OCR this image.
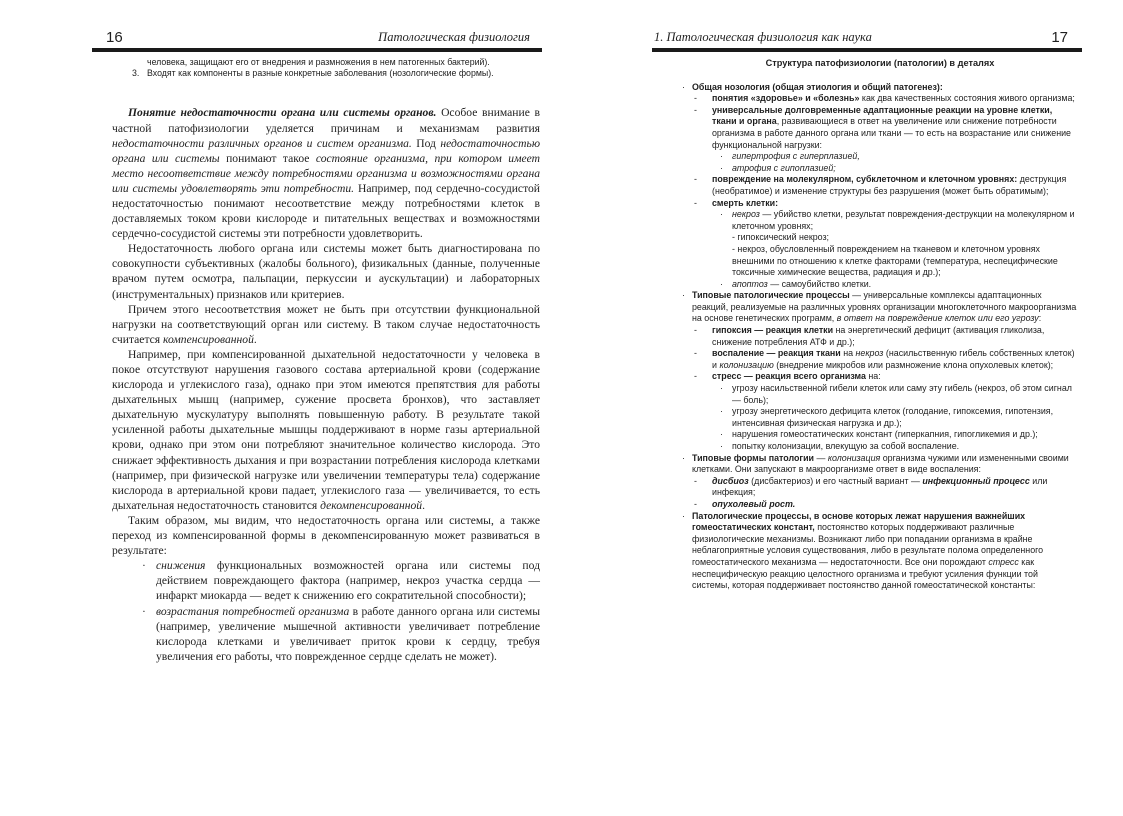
16	Патологическая физиология
человека, защищают его от внедрения и размножения в нем патогенных бактерий).
3. Входят как компоненты в разные конкретные заболевания (нозологические формы).

Понятие недостаточности органа или системы органов. Особое внимание в частной патофизиологии уделяется причинам и механизмам развития недостаточности различных органов и систем организма. Под недостаточностью органа или системы понимают такое состояние организма, при котором имеет место несоответствие между потребностями организма и возможностями органа или системы удовлетворять эти потребности. Например, под сердечно-сосудистой недостаточностью понимают несоответствие между потребностями клеток в доставляемых током крови кислороде и питательных веществах и возможностями сердечно-сосудистой системы эти потребности удовлетворить.

Недостаточность любого органа или системы может быть диагностирована по совокупности субъективных (жалобы больного), физикальных (данные, полученные врачом путем осмотра, пальпации, перкуссии и аускультации) и лабораторных (инструментальных) признаков или критериев.

Причем этого несоответствия может не быть при отсутствии функциональной нагрузки на соответствующий орган или систему. В таком случае недостаточность считается компенсированной.

Например, при компенсированной дыхательной недостаточности у человека в покое отсутствуют нарушения газового состава артериальной крови (содержание кислорода и углекислого газа), однако при этом имеются препятствия для работы дыхательных мышц (например, сужение просвета бронхов), что заставляет дыхательную мускулатуру выполнять повышенную работу. В результате такой усиленной работы дыхательные мышцы поддерживают в норме газы артериальной крови, однако при этом они потребляют значительное количество кислорода. Это снижает эффективность дыхания и при возрастании потребления кислорода клетками (например, при физической нагрузке или увеличении температуры тела) содержание кислорода в артериальной крови падает, углекислого газа — увеличивается, то есть дыхательная недостаточность становится декомпенсированной.

Таким образом, мы видим, что недостаточность органа или системы, а также переход из компенсированной формы в декомпенсированную может развиваться в результате:

· снижения функциональных возможностей органа или системы под действием повреждающего фактора (например, некроз участка сердца — инфаркт миокарда — ведет к снижению его сократительной способности);
· возрастания потребностей организма в работе данного органа или системы (например, увеличение мышечной активности увеличивает потребление кислорода клетками и увеличивает приток крови к сердцу, требуя увеличения его работы, что поврежденное сердце сделать не может).
1. Патологическая физиология как наука	17
Структура патофизиологии (патологии) в деталях
· Общая нозология (общая этиология и общий патогенез):
- понятия «здоровье» и «болезнь» как два качественных состояния живого организма;
- универсальные долговременные адаптационные реакции на уровне клетки, ткани и органа, развивающиеся в ответ на увеличение или снижение потребности организма в работе данного органа или ткани — то есть на возрастание или снижение функциональной нагрузки:
· гипертрофия с гиперплазией,
· атрофия с гипоплазией;
- повреждение на молекулярном, субклеточном и клеточном уровнях: деструкция (необратимое) и изменение структуры без разрушения (может быть обратимым);
- смерть клетки:
· некроз — убийство клетки, результат повреждения-деструкции на молекулярном и клеточном уровнях;
- гипоксический некроз;
- некроз, обусловленный повреждением на тканевом и клеточном уровнях внешними по отношению к клетке факторами (температура, неспецифические токсичные химические вещества, радиация и др.);
· апоптоз — самоубийство клетки.
· Типовые патологические процессы — универсальные комплексы адаптационных реакций, реализуемые на различных уровнях организации многоклеточного макроорганизма на основе генетических программ, в ответ на повреждение клеток или его угрозу:
- гипоксия — реакция клетки на энергетический дефицит (активация гликолиза, снижение потребления АТФ и др.);
- воспаление — реакция ткани на некроз (насильственную гибель собственных клеток) и колонизацию (внедрение микробов или размножение клона опухолевых клеток);
- стресс — реакция всего организма на:
· угрозу насильственной гибели клеток или саму эту гибель (некроз, об этом сигнал — боль);
· угрозу энергетического дефицита клеток (голодание, гипоксемия, гипотензия, интенсивная физическая нагрузка и др.);
· нарушения гомеостатических констант (гиперкапния, гипогликемия и др.);
· попытку колонизации, влекущую за собой воспаление.
· Типовые формы патологии — колонизация организма чужими или измененными своими клетками. Они запускают в макроорганизме ответ в виде воспаления:
- дисбиоз (дисбактериоз) и его частный вариант — инфекционный процесс или инфекция;
- опухолевый рост.
· Патологические процессы, в основе которых лежат нарушения важнейших гомеостатических констант, постоянство которых поддерживают различные физиологические механизмы. Возникают либо при попадании организма в крайне неблагоприятные условия существования, либо в результате полома определенного гомеостатического механизма — недостаточности. Все они порождают стресс как неспецифическую реакцию целостного организма и требуют усиления функции той системы, которая поддерживает постоянство данной гомеостатической константы:
